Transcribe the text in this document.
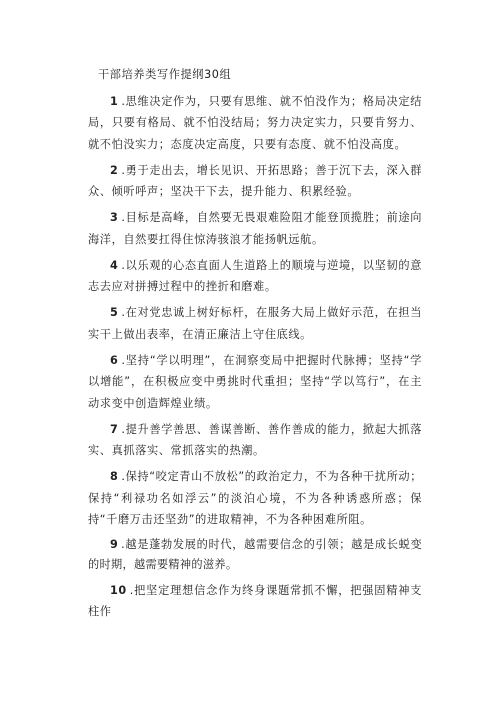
干部培养类写作提纲30组

1 .思维决定作为，只要有思维、就不怕没作为；格局决定结局，只要有格局、就不怕没结局；努力决定实力，只要肯努力、就不怕没实力；态度决定高度，只要有态度、就不怕没高度。

2 .勇于走出去，增长见识、开拓思路；善于沉下去，深入群众、倾听呼声；坚决干下去，提升能力、积累经验。

3 .目标是高峰，自然要无畏艰难险阻才能登顶揽胜；前途向海洋，自然要扛得住惊涛骇浪才能扬帆远航。

4 .以乐观的心态直面人生道路上的顺境与逆境，以坚韧的意志去应对拼搏过程中的挫折和磨难。

5 .在对党忠诚上树好标杆，在服务大局上做好示范，在担当实干上做出表率，在清正廉洁上守住底线。

6 .坚持“学以明理”，在洞察变局中把握时代脉搏；坚持“学以增能”，在积极应变中勇挑时代重担；坚持“学以笃行”，在主动求变中创造辉煌业绩。

7 .提升善学善思、善谋善断、善作善成的能力，掀起大抓落实、真抓落实、常抓落实的热潮。

8 .保持“咬定青山不放松”的政治定力，不为各种干扰所动；保持“利禄功名如浮云”的淡泊心境，不为各种诱惑所惑；保持“千磨万击还坚劲”的进取精神，不为各种困难所阻。

9 .越是蓬勃发展的时代，越需要信念的引领；越是成长蜕变的时期，越需要精神的滋养。

10 .把坚定理想信念作为终身课题常抓不懈，把强固精神支柱作
